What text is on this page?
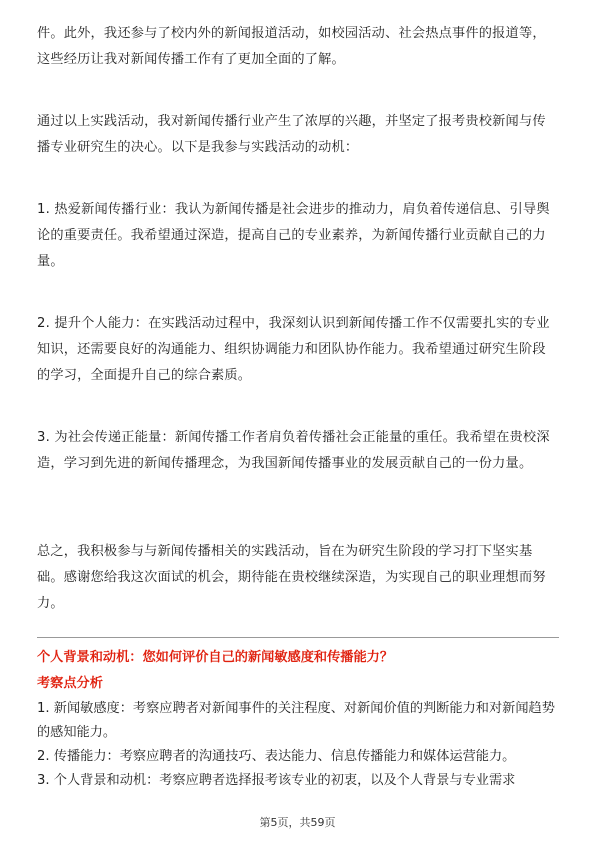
件。此外，我还参与了校内外的新闻报道活动，如校园活动、社会热点事件的报道等，这些经历让我对新闻传播工作有了更加全面的了解。

通过以上实践活动，我对新闻传播行业产生了浓厚的兴趣，并坚定了报考贵校新闻与传播专业研究生的决心。以下是我参与实践活动的动机：

1. 热爱新闻传播行业：我认为新闻传播是社会进步的推动力，肩负着传递信息、引导舆论的重要责任。我希望通过深造，提高自己的专业素养，为新闻传播行业贡献自己的力量。

2. 提升个人能力：在实践活动过程中，我深刻认识到新闻传播工作不仅需要扎实的专业知识，还需要良好的沟通能力、组织协调能力和团队协作能力。我希望通过研究生阶段的学习，全面提升自己的综合素质。

3. 为社会传递正能量：新闻传播工作者肩负着传播社会正能量的重任。我希望在贵校深造，学习到先进的新闻传播理念，为我国新闻传播事业的发展贡献自己的一份力量。

总之，我积极参与与新闻传播相关的实践活动，旨在为研究生阶段的学习打下坚实基础。感谢您给我这次面试的机会，期待能在贵校继续深造，为实现自己的职业理想而努力。

个人背景和动机：您如何评价自己的新闻敏感度和传播能力？

考察点分析

1. 新闻敏感度：考察应聘者对新闻事件的关注程度、对新闻价值的判断能力和对新闻趋势的感知能力。

2. 传播能力：考察应聘者的沟通技巧、表达能力、信息传播能力和媒体运营能力。

3. 个人背景和动机：考察应聘者选择报考该专业的初衷，以及个人背景与专业需求

第5页，共59页
